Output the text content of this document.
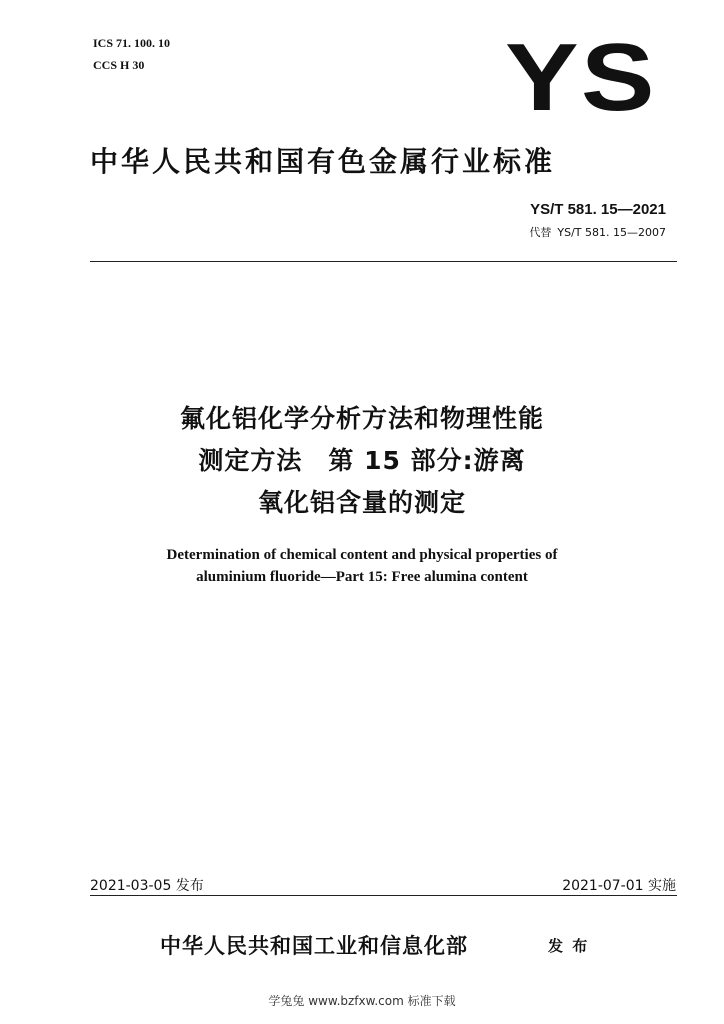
ICS 71. 100. 10
CCS H 30	YS
中华人民共和国有色金属行业标准
YS/T 581. 15—2021
代替 YS/T 581. 15—2007
氟化铝化学分析方法和物理性能
测定方法　第 15 部分:游离
氧化铝含量的测定
Determination of chemical content and physical properties of
aluminium fluoride—Part 15: Free alumina content
2021-03-05 发布	2021-07-01 实施
中华人民共和国工业和信息化部	发 布
学兔兔 www.bzfxw.com 标准下载
